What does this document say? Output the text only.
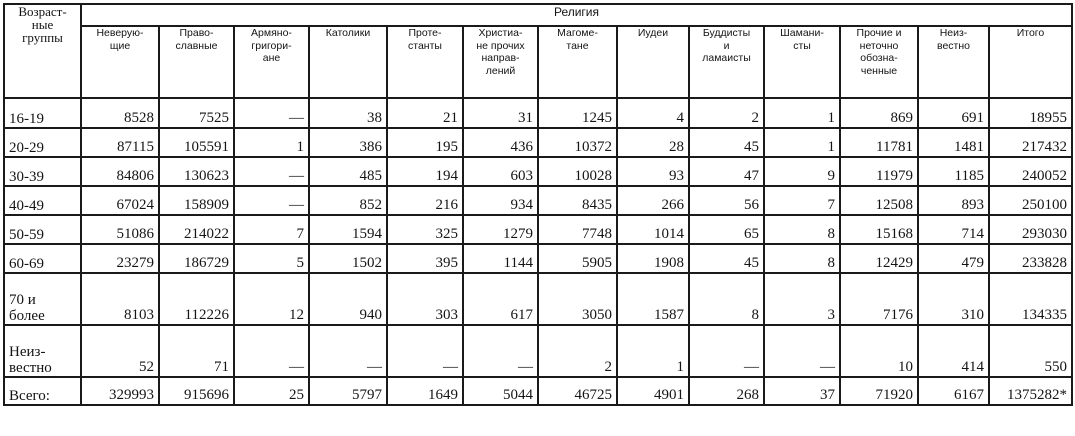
Возраст-
ные
группы	Религия												
	Неверую-
щие	Право-
славные	Армяно-
григори-
ане	Католики	Проте-
станты	Христиа-
не прочих
направ-
лений	Магоме-
тане	Иудеи	Буддисты
и
ламаисты	Шамани-
сты	Прочие и
неточно
обозна-
ченные	Неиз-
вестно	Итого
16-19	8528	7525	—	38	21	31	1245	4	2	1	869	691	18955
20-29	87115	105591	1	386	195	436	10372	28	45	1	11781	1481	217432
30-39	84806	130623	—	485	194	603	10028	93	47	9	11979	1185	240052
40-49	67024	158909	—	852	216	934	8435	266	56	7	12508	893	250100
50-59	51086	214022	7	1594	325	1279	7748	1014	65	8	15168	714	293030
60-69	23279	186729	5	1502	395	1144	5905	1908	45	8	12429	479	233828
70 и
более	8103	112226	12	940	303	617	3050	1587	8	3	7176	310	134335
Неиз-
вестно	52	71	—	—	—	—	2	1	—	—	10	414	550
Всего:	329993	915696	25	5797	1649	5044	46725	4901	268	37	71920	6167	1375282*
